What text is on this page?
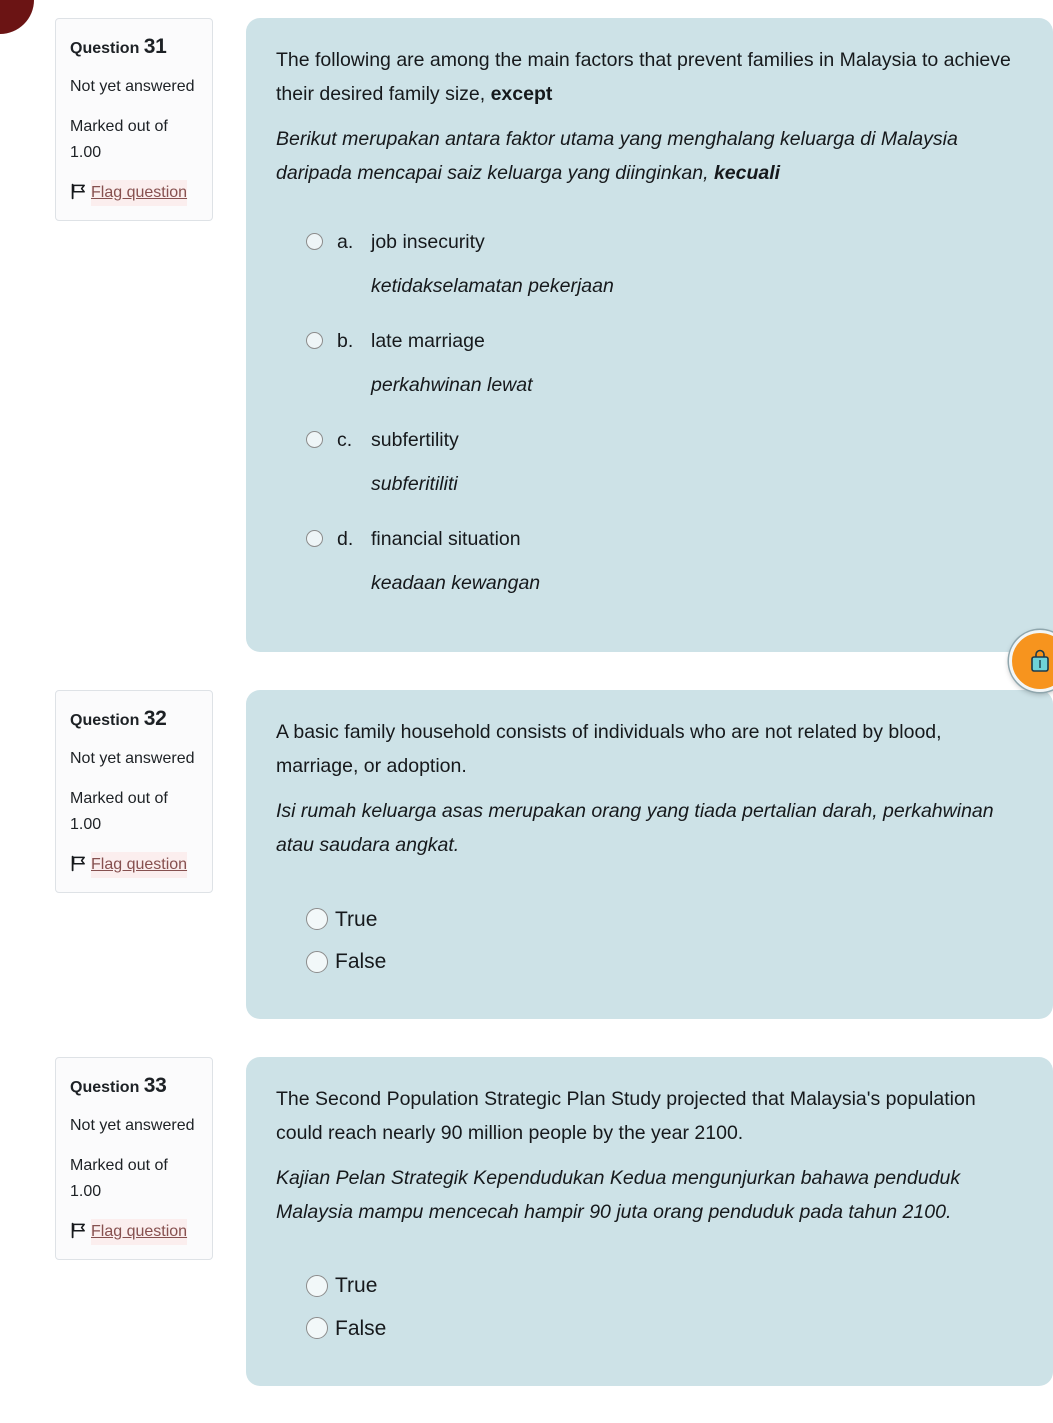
Question 31
Not yet answered
Marked out of 1.00
Flag question

The following are among the main factors that prevent families in Malaysia to achieve their desired family size, except

Berikut merupakan antara faktor utama yang menghalang keluarga di Malaysia daripada mencapai saiz keluarga yang diinginkan, kecuali

a. job insecurity
ketidakselamatan pekerjaan
b. late marriage
perkahwinan lewat
c. subfertility
subferitiliti
d. financial situation
keadaan kewangan
Question 32
Not yet answered
Marked out of 1.00
Flag question

A basic family household consists of individuals who are not related by blood, marriage, or adoption.

Isi rumah keluarga asas merupakan orang yang tiada pertalian darah, perkahwinan atau saudara angkat.

True
False
Question 33
Not yet answered
Marked out of 1.00
Flag question

The Second Population Strategic Plan Study projected that Malaysia's population could reach nearly 90 million people by the year 2100.

Kajian Pelan Strategik Kependudukan Kedua mengunjurkan bahawa penduduk Malaysia mampu mencecah hampir 90 juta orang penduduk pada tahun 2100.

True
False
